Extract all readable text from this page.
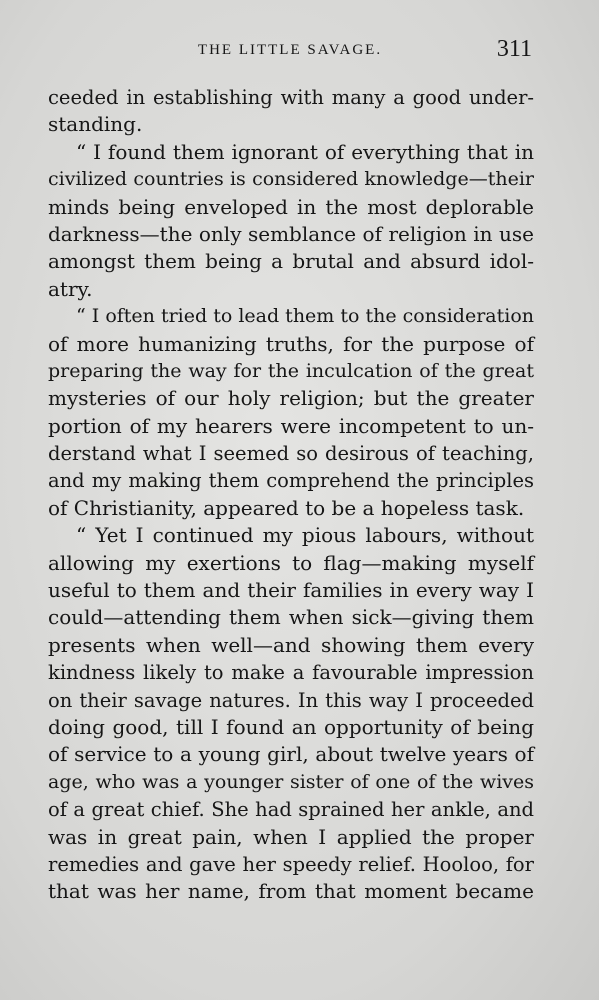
THE LITTLE SAVAGE.	311
ceeded in establishing with many a good under-
standing.
“ I found them ignorant of everything that in
civilized countries is considered knowledge—their
minds being enveloped in the most deplorable
darkness—the only semblance of religion in use
amongst them being a brutal and absurd idol-
atry.
“ I often tried to lead them to the consideration
of more humanizing truths, for the purpose of
preparing the way for the inculcation of the great
mysteries of our holy religion; but the greater
portion of my hearers were incompetent to un-
derstand what I seemed so desirous of teaching,
and my making them comprehend the principles
of Christianity, appeared to be a hopeless task.
“ Yet I continued my pious labours, without
allowing my exertions to flag—making myself
useful to them and their families in every way I
could—attending them when sick—giving them
presents when well—and showing them every
kindness likely to make a favourable impression
on their savage natures. In this way I proceeded
doing good, till I found an opportunity of being
of service to a young girl, about twelve years of
age, who was a younger sister of one of the wives
of a great chief. She had sprained her ankle, and
was in great pain, when I applied the proper
remedies and gave her speedy relief. Hooloo, for
that was her name, from that moment became
